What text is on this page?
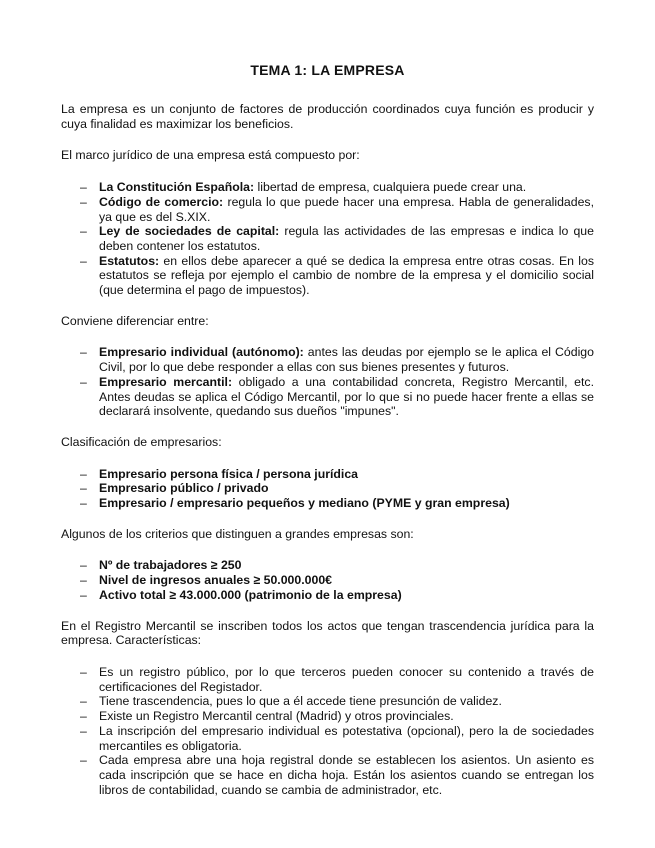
TEMA 1: LA EMPRESA

La empresa es un conjunto de factores de producción coordinados cuya función es producir y cuya finalidad es maximizar los beneficios.

El marco jurídico de una empresa está compuesto por:

– La Constitución Española: libertad de empresa, cualquiera puede crear una.
– Código de comercio: regula lo que puede hacer una empresa. Habla de generalidades, ya que es del S.XIX.
– Ley de sociedades de capital: regula las actividades de las empresas e indica lo que deben contener los estatutos.
– Estatutos: en ellos debe aparecer a qué se dedica la empresa entre otras cosas. En los estatutos se refleja por ejemplo el cambio de nombre de la empresa y el domicilio social (que determina el pago de impuestos).

Conviene diferenciar entre:

– Empresario individual (autónomo): antes las deudas por ejemplo se le aplica el Código Civil, por lo que debe responder a ellas con sus bienes presentes y futuros.
– Empresario mercantil: obligado a una contabilidad concreta, Registro Mercantil, etc. Antes deudas se aplica el Código Mercantil, por lo que si no puede hacer frente a ellas se declarará insolvente, quedando sus dueños "impunes".

Clasificación de empresarios:

– Empresario persona física / persona jurídica
– Empresario público / privado
– Empresario / empresario pequeños y mediano (PYME y gran empresa)

Algunos de los criterios que distinguen a grandes empresas son:

– Nº de trabajadores ≥ 250
– Nivel de ingresos anuales ≥ 50.000.000€
– Activo total ≥ 43.000.000 (patrimonio de la empresa)

En el Registro Mercantil se inscriben todos los actos que tengan trascendencia jurídica para la empresa. Características:

– Es un registro público, por lo que terceros pueden conocer su contenido a través de certificaciones del Registador.
– Tiene trascendencia, pues lo que a él accede tiene presunción de validez.
– Existe un Registro Mercantil central (Madrid) y otros provinciales.
– La inscripción del empresario individual es potestativa (opcional), pero la de sociedades mercantiles es obligatoria.
– Cada empresa abre una hoja registral donde se establecen los asientos. Un asiento es cada inscripción que se hace en dicha hoja. Están los asientos cuando se entregan los libros de contabilidad, cuando se cambia de administrador, etc.
